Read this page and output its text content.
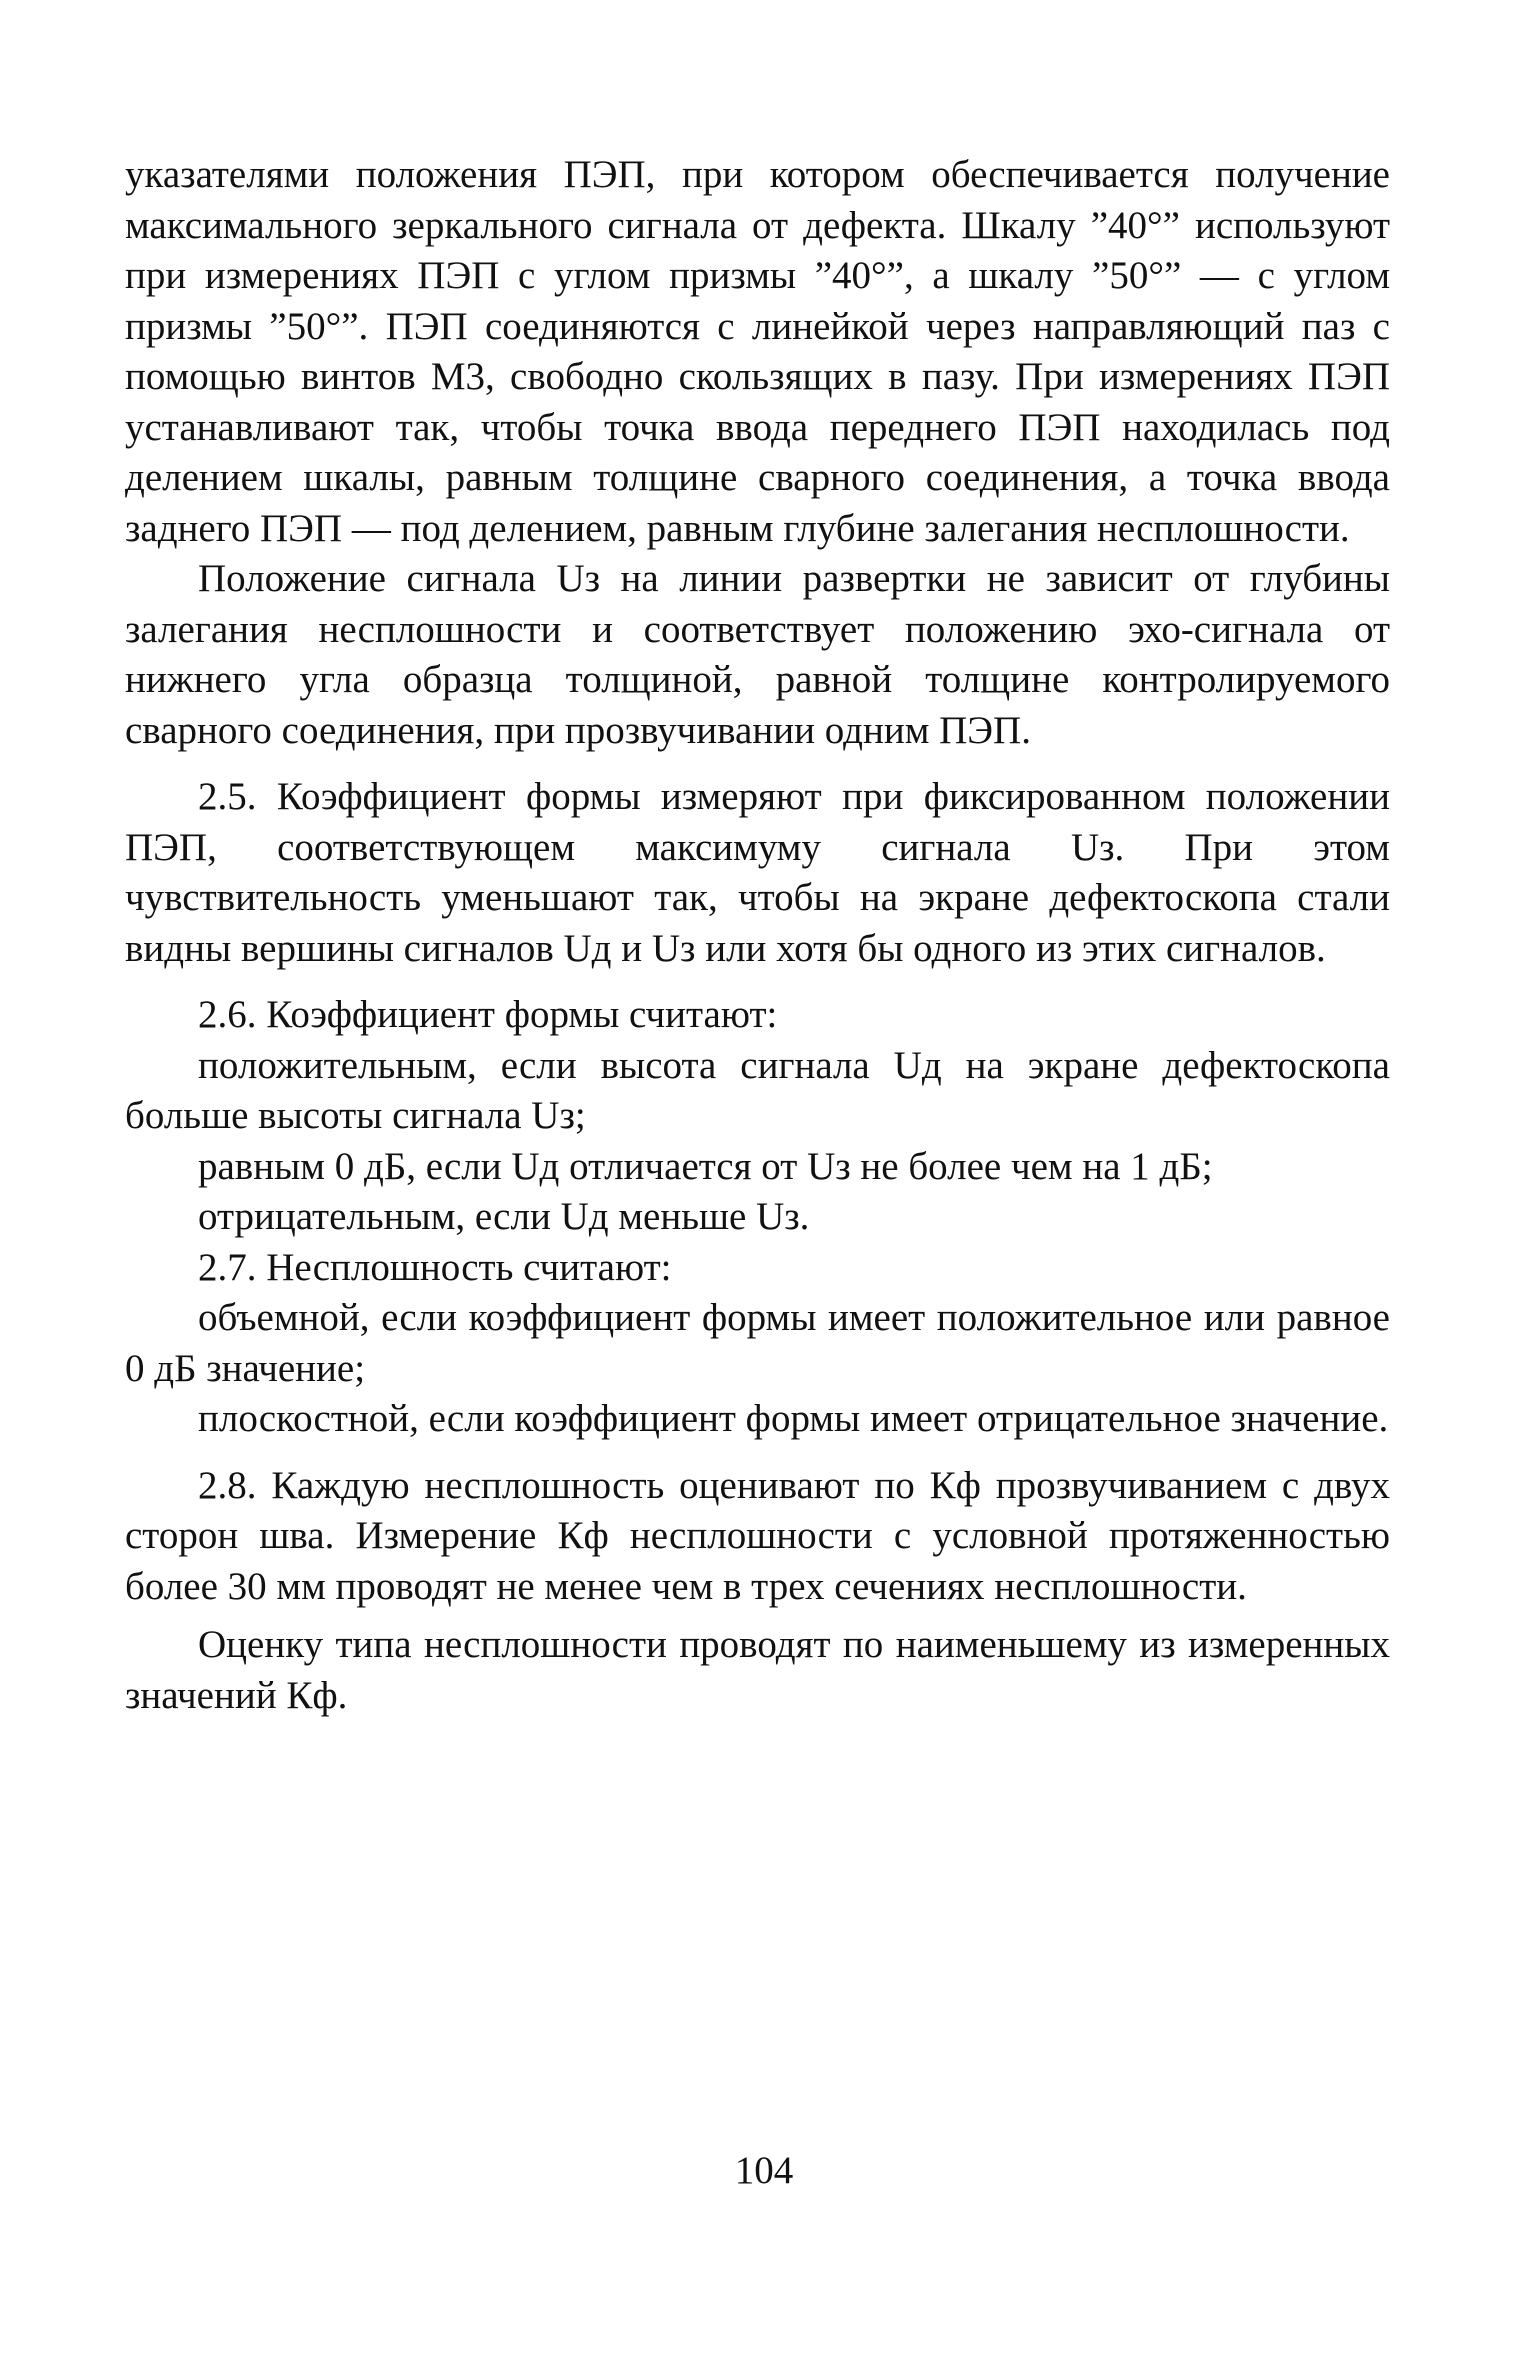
указателями положения ПЭП, при котором обеспечивается получение максимального зеркального сигнала от дефекта. Шкалу ”40°” используют при измерениях ПЭП с углом призмы ”40°”, а шкалу ”50°” — с углом призмы ”50°”. ПЭП соединяются с линейкой через направляющий паз с помощью винтов М3, свободно скользящих в пазу. При измерениях ПЭП устанавливают так, чтобы точка ввода переднего ПЭП находилась под делением шкалы, равным толщине сварного соединения, а точка ввода заднего ПЭП — под делением, равным глубине залегания несплошности.

Положение сигнала Uз на линии развертки не зависит от глубины залегания несплошности и соответствует положению эхо-сигнала от нижнего угла образца толщиной, равной толщине контролируемого сварного соединения, при прозвучивании одним ПЭП.

2.5. Коэффициент формы измеряют при фиксированном положении ПЭП, соответствующем максимуму сигнала Uз. При этом чувствительность уменьшают так, чтобы на экране дефектоскопа стали видны вершины сигналов Uд и Uз или хотя бы одного из этих сигналов.

2.6. Коэффициент формы считают:

положительным, если высота сигнала Uд на экране дефектоскопа больше высоты сигнала Uз;

равным 0 дБ, если Uд отличается от Uз не более чем на 1 дБ;

отрицательным, если Uд меньше Uз.

2.7. Несплошность считают:

объемной, если коэффициент формы имеет положительное или равное 0 дБ значение;

плоскостной, если коэффициент формы имеет отрицательное значение.

2.8. Каждую несплошность оценивают по Кф прозвучиванием с двух сторон шва. Измерение Кф несплошности с условной протяженностью более 30 мм проводят не менее чем в трех сечениях несплошности.

Оценку типа несплошности проводят по наименьшему из измеренных значений Кф.

104
